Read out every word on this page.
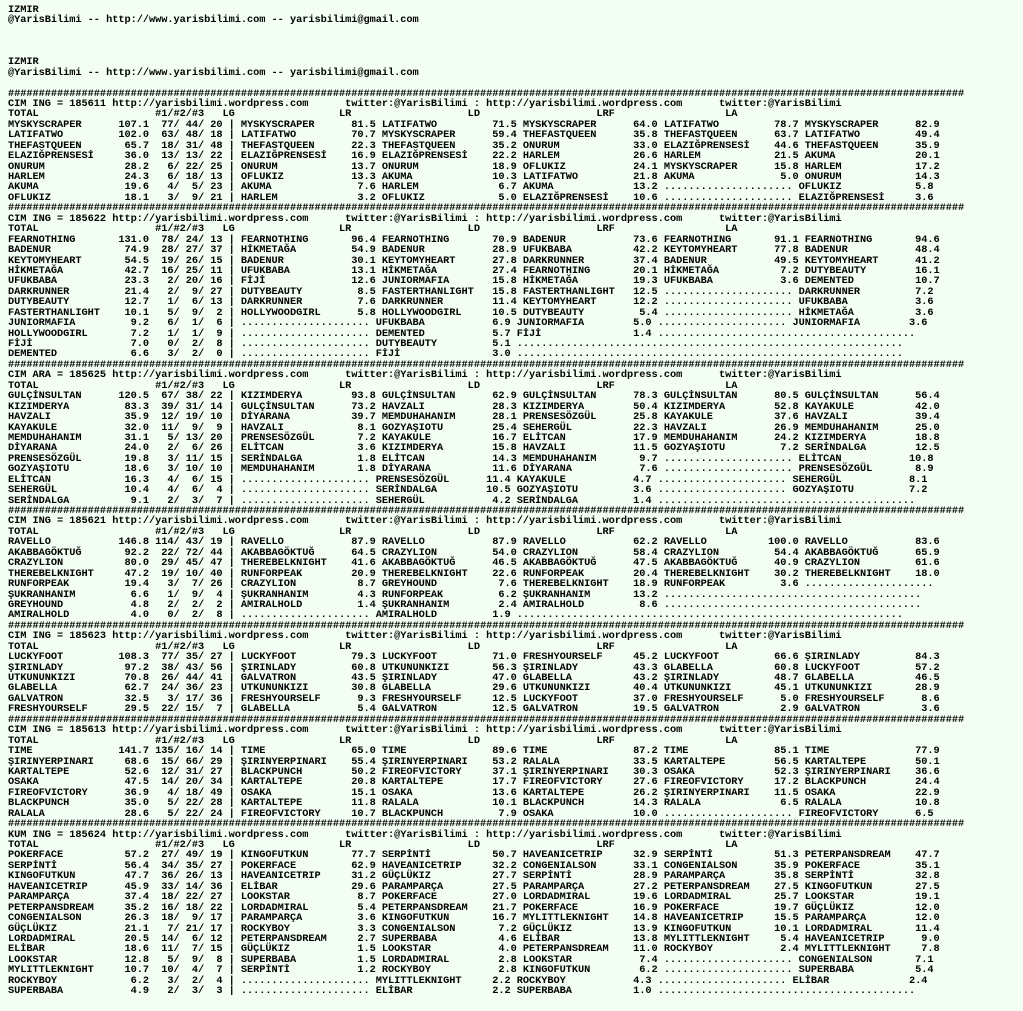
IZMIR
@YarisBilimi -- http://www.yarisbilimi.com -- yarisbilimi@gmail.com

IZMIR
@YarisBilimi -- http://www.yarisbilimi.com -- yarisbilimi@gmail.com

############################################################################################################################################################
CIM ING = 185611 http://yarisbilimi.wordpress.com      twitter:@YarisBilimi : http://yarisbilimi.wordpress.com      twitter:@YarisBilimi
TOTAL                   #1/#2/#3   LG                 LR                   LD                   LRF                  LA
MYSKYSCRAPER      107.1  77/ 44/ 20 | MYSKYSCRAPER      81.5 LATIFATWO         71.5 MYSKYSCRAPER      64.0 LATIFATWO         78.7 MYSKYSCRAPER      82.9
LATIFATWO         102.0  63/ 48/ 18 | LATIFATWO         70.7 MYSKYSCRAPER      59.4 THEFASTQUEEN      35.8 THEFASTQUEEN      63.7 LATIFATWO         49.4
THEFASTQUEEN       65.7  18/ 31/ 48 | THEFASTQUEEN      22.3 THEFASTQUEEN      35.2 ONURUM            33.0 ELAZIĞPRENSESİ    44.6 THEFASTQUEEN      35.9
ELAZIĞPRENSESİ     36.0  13/ 13/ 22 | ELAZIĞPRENSESİ    16.9 ELAZIĞPRENSESİ    22.2 HARLEM            26.6 HARLEM            21.5 AKUMA             20.1
ONURUM             28.2   6/ 22/ 25 | ONURUM            13.7 ONURUM            18.9 OFLUKIZ           24.1 MYSKYSCRAPER      15.8 HARLEM            17.2
HARLEM             24.3   6/ 18/ 13 | OFLUKIZ           13.3 AKUMA             10.3 LATIFATWO         21.8 AKUMA              5.0 ONURUM            14.3
AKUMA              19.6   4/  5/ 23 | AKUMA              7.6 HARLEM             6.7 AKUMA             13.2 ..................... OFLUKIZ            5.8
OFLUKIZ            18.1   3/  9/ 21 | HARLEM             3.2 OFLUKIZ            5.0 ELAZIĞPRENSESİ    10.6 ..................... ELAZIĞPRENSESİ     3.6
############################################################################################################################################################
CIM ING = 185622 http://yarisbilimi.wordpress.com      twitter:@YarisBilimi : http://yarisbilimi.wordpress.com      twitter:@YarisBilimi
TOTAL                   #1/#2/#3   LG                 LR                   LD                   LRF                  LA
FEARNOTHING       131.0  78/ 24/ 13 | FEARNOTHING       96.4 FEARNOTHING       70.9 BADENUR           73.6 FEARNOTHING       91.1 FEARNOTHING       94.6
BADENUR            74.9  28/ 27/ 37 | HİKMETAĞA         54.9 BADENUR           28.9 UFUKBABA          42.2 KEYTOMYHEART      77.8 BADENUR           48.4
KEYTOMYHEART       54.5  19/ 26/ 15 | BADENUR           30.1 KEYTOMYHEART      27.8 DARKRUNNER        37.4 BADENUR           49.5 KEYTOMYHEART      41.2
HİKMETAĞA          42.7  16/ 25/ 11 | UFUKBABA          13.1 HİKMETAĞA         27.4 FEARNOTHING       20.1 HİKMETAĞA          7.2 DUTYBEAUTY        16.1
UFUKBABA           23.3   2/ 20/ 16 | FİJİ              12.6 JUNIORMAFIA       15.8 HİKMETAĞA         19.3 UFUKBABA           3.6 DEMENTED          10.7
DARKRUNNER         21.4   2/  9/ 27 | DUTYBEAUTY         8.5 FASTERTHANLIGHT   15.8 FASTERTHANLIGHT   12.5 ..................... DARKRUNNER         7.2
DUTYBEAUTY         12.7   1/  6/ 13 | DARKRUNNER         7.6 DARKRUNNER        11.4 KEYTOMYHEART      12.2 ..................... UFUKBABA           3.6
FASTERTHANLIGHT    10.1   5/  9/  2 | HOLLYWOODGIRL      5.8 HOLLYWOODGIRL     10.5 DUTYBEAUTY         5.4 ..................... HİKMETAĞA          3.6
JUNIORMAFIA         9.2   6/  1/  6 | ..................... UFUKBABA           6.9 JUNIORMAFIA        5.0 ..................... JUNIORMAFIA        3.6
HOLLYWOODGIRL       7.2   1/  1/  9 | ..................... DEMENTED           5.7 FİJİ               1.4 ..........................................
FİJİ                7.0   0/  2/  8 | ..................... DUTYBEAUTY         5.1 ...............................................................
DEMENTED            6.6   3/  2/  0 | ..................... FİJİ               3.0 ...............................................................
############################################################################################################################################################
CIM ARA = 185625 http://yarisbilimi.wordpress.com      twitter:@YarisBilimi : http://yarisbilimi.wordpress.com      twitter:@YarisBilimi
TOTAL                   #1/#2/#3   LG                 LR                   LD                   LRF                  LA
GULÇİNSULTAN      120.5  67/ 38/ 22 | KIZIMDERYA        93.8 GULÇİNSULTAN      62.9 GULÇİNSULTAN      78.3 GULÇİNSULTAN      80.5 GULÇİNSULTAN      56.4
KIZIMDERYA         83.3  39/ 31/ 14 | GULÇİNSULTAN      73.2 HAVZALI           28.3 KIZIMDERYA        50.4 KIZIMDERYA        52.8 KAYAKULE          42.0
HAVZALI            35.9  12/ 19/ 10 | DİYARANA          39.7 MEMDUHAHANIM      28.1 PRENSESÖZGÜL      25.8 KAYAKULE          37.6 HAVZALI           39.4
KAYAKULE           32.0  11/  9/  9 | HAVZALI            8.1 GOZYAŞIOTU        25.4 SEHERGÜL          22.3 HAVZALI           26.9 MEMDUHAHANIM      25.0
MEMDUHAHANIM       31.1   5/ 13/ 20 | PRENSESÖZGÜL       7.2 KAYAKULE          16.7 ELİTCAN           17.9 MEMDUHAHANIM      24.2 KIZIMDERYA        18.8
DİYARANA           24.0   2/  6/ 26 | ELİTCAN            3.6 KIZIMDERYA        15.8 HAVZALI           11.5 GOZYAŞIOTU         7.2 SERİNDALGA        12.5
PRENSESÖZGÜL       19.8   3/ 11/ 15 | SERİNDALGA         1.8 ELİTCAN           14.3 MEMDUHAHANIM       9.7 ..................... ELİTCAN           10.8
GOZYAŞIOTU         18.6   3/ 10/ 10 | MEMDUHAHANIM       1.8 DİYARANA          11.6 DİYARANA           7.6 ..................... PRENSESÖZGÜL       8.9
ELİTCAN            16.3   4/  6/ 15 | ..................... PRENSESÖZGÜL      11.4 KAYAKULE           4.7 ..................... SEHERGÜL           8.1
SEHERGÜL           10.4   4/  6/  4 | ..................... SERİNDALGA        10.5 GOZYAŞIOTU         3.6 ..................... GOZYAŞIOTU         7.2
SERİNDALGA          9.1   2/  3/  7 | ..................... SEHERGÜL           4.2 SERİNDALGA         1.4 ..........................................
############################################################################################################################################################
CIM ING = 185621 http://yarisbilimi.wordpress.com      twitter:@YarisBilimi : http://yarisbilimi.wordpress.com      twitter:@YarisBilimi
TOTAL                   #1/#2/#3   LG                 LR                   LD                   LRF                  LA
RAVELLO           146.8 114/ 43/ 19 | RAVELLO           87.9 RAVELLO           87.9 RAVELLO           62.2 RAVELLO          100.0 RAVELLO           83.6
AKABBAGÖKTUĞ       92.2  22/ 72/ 44 | AKABBAGÖKTUĞ      64.5 CRAZYLION         54.0 CRAZYLION         58.4 CRAZYLION         54.4 AKABBAGÖKTUĞ      65.9
CRAZYLION          80.0  29/ 45/ 47 | THEREBELKNIGHT    41.6 AKABBAGÖKTUĞ      46.5 AKABBAGÖKTUĞ      47.5 AKABBAGÖKTUĞ      40.9 CRAZYLION         61.6
THEREBELKNIGHT     47.2  19/ 10/ 40 | RUNFORPEAK        20.9 THEREBELKNIGHT    22.6 RUNFORPEAK        20.4 THEREBELKNIGHT    30.2 THEREBELKNIGHT    18.0
RUNFORPEAK         19.4   3/  7/ 26 | CRAZYLION          8.7 GREYHOUND          7.6 THEREBELKNIGHT    18.9 RUNFORPEAK         3.6 .....................
ŞUKRANHANIM         6.6   1/  9/  4 | ŞUKRANHANIM        4.3 RUNFORPEAK         6.2 ŞUKRANHANIM       13.2 ..........................................
GREYHOUND           4.8   2/  2/  2 | AMIRALHOLD         1.4 ŞUKRANHANIM        2.4 AMIRALHOLD         8.6 ..........................................
AMIRALHOLD          4.0   0/  2/  8 | ..................... AMIRALHOLD         1.9 ...............................................................
############################################################################################################################################################
CIM ING = 185623 http://yarisbilimi.wordpress.com      twitter:@YarisBilimi : http://yarisbilimi.wordpress.com      twitter:@YarisBilimi
TOTAL                   #1/#2/#3   LG                 LR                   LD                   LRF                  LA
LUCKYFOOT         108.3  77/ 35/ 27 | LUCKYFOOT         79.3 LUCKYFOOT         71.0 FRESHYOURSELF     45.2 LUCKYFOOT         66.6 ŞIRINLADY         84.3
ŞIRINLADY          97.2  38/ 43/ 56 | ŞIRINLADY         60.8 UTKUNUNKIZI       56.3 ŞIRINLADY         43.3 GLABELLA          60.8 LUCKYFOOT         57.2
UTKUNUNKIZI        70.8  26/ 44/ 41 | GALVATRON         43.5 ŞIRINLADY         47.0 GLABELLA          43.2 ŞIRINLADY         48.7 GLABELLA          46.5
GLABELLA           62.7  24/ 36/ 23 | UTKUNUNKIZI       30.8 GLABELLA          29.6 UTKUNUNKIZI       40.4 UTKUNUNKIZI       45.1 UTKUNUNKIZI       28.9
GALVATRON          32.5   3/ 17/ 36 | FRESHYOURSELF      9.3 FRESHYOURSELF     12.5 LUCKYFOOT         37.0 FRESHYOURSELF      5.0 FRESHYOURSELF      8.6
FRESHYOURSELF      29.5  22/ 15/  7 | GLABELLA           5.4 GALVATRON         12.5 GALVATRON         19.5 GALVATRON          2.9 GALVATRON          3.6
############################################################################################################################################################
CIM ING = 185613 http://yarisbilimi.wordpress.com      twitter:@YarisBilimi : http://yarisbilimi.wordpress.com      twitter:@YarisBilimi
TOTAL                   #1/#2/#3   LG                 LR                   LD                   LRF                  LA
TIME              141.7 135/ 16/ 14 | TIME              65.0 TIME              89.6 TIME              87.2 TIME              85.1 TIME              77.9
ŞIRINYERPINARI     68.6  15/ 66/ 29 | ŞIRINYERPINARI    55.4 ŞIRINYERPINARI    53.2 RALALA            33.5 KARTALTEPE        56.5 KARTALTEPE        50.1
KARTALTEPE         52.6  12/ 31/ 27 | BLACKPUNCH        50.2 FIREOFVICTORY     37.1 ŞIRINYERPINARI    30.3 OSAKA             52.3 ŞIRINYERPINARI    36.6
OSAKA              47.5  14/ 20/ 34 | KARTALTEPE        20.8 KARTALTEPE        17.7 FIREOFVICTORY     27.6 FIREOFVICTORY     17.2 BLACKPUNCH        24.4
FIREOFVICTORY      36.9   4/ 18/ 49 | OSAKA             15.1 OSAKA             13.6 KARTALTEPE        26.2 ŞIRINYERPINARI    11.5 OSAKA             22.9
BLACKPUNCH         35.0   5/ 22/ 28 | KARTALTEPE        11.8 RALALA            10.1 BLACKPUNCH        14.3 RALALA             6.5 RALALA            10.8
RALALA             28.6   5/ 22/ 24 | FIREOFVICTORY     10.7 BLACKPUNCH         7.9 OSAKA             10.0 ..................... FIREOFVICTORY      6.5
############################################################################################################################################################
KUM ING = 185624 http://yarisbilimi.wordpress.com      twitter:@YarisBilimi : http://yarisbilimi.wordpress.com      twitter:@YarisBilimi
TOTAL                   #1/#2/#3   LG                 LR                   LD                   LRF                  LA
POKERFACE          57.2  27/ 49/ 19 | KINGOFUTKUN       77.7 SERPİNTİ          50.7 HAVEANICETRIP     32.9 SERPİNTİ          51.3 PETERPANSDREAM    47.7
SERPİNTİ           56.4  34/ 35/ 27 | POKERFACE         62.9 HAVEANICETRIP     32.2 CONGENIALSON      33.1 CONGENIALSON      35.9 POKERFACE         35.1
KINGOFUTKUN        47.7  36/ 26/ 13 | HAVEANICETRIP     31.2 GÜÇLÜKIZ          27.7 SERPİNTİ          28.9 PARAMPARÇA        35.8 SERPİNTİ          32.8
HAVEANICETRIP      45.9  33/ 14/ 36 | ELİBAR            29.6 PARAMPARÇA        27.5 PARAMPARÇA        27.2 PETERPANSDREAM    27.5 KINGOFUTKUN       27.5
PARAMPARÇA         37.4  18/ 22/ 27 | LOOKSTAR           8.7 POKERFACE         27.0 LORDADMIRAL       19.6 LORDADMIRAL       25.7 LOOKSTAR          19.1
PETERPANSDREAM     35.2  16/ 18/ 22 | LORDADMIRAL        5.4 PETERPANSDREAM    21.7 POKERFACE         16.9 POKERFACE         19.7 GÜÇLÜKIZ          12.0
CONGENIALSON       26.3  18/  9/ 17 | PARAMPARÇA         3.6 KINGOFUTKUN       16.7 MYLITTLEKNIGHT    14.8 HAVEANICETRIP     15.5 PARAMPARÇA        12.0
GÜÇLÜKIZ           21.1   7/ 21/ 17 | ROCKYBOY           3.3 CONGENIALSON       7.2 GÜÇLÜKIZ          13.9 KINGOFUTKUN       10.1 LORDADMIRAL       11.4
LORDADMIRAL        20.5  14/  6/ 12 | PETERPANSDREAM     2.7 SUPERBABA          4.6 ELİBAR            13.8 MYLITTLEKNIGHT     5.4 HAVEANICETRIP      9.0
ELİBAR             18.6  11/  7/ 15 | GÜÇLÜKIZ           1.5 LOOKSTAR           4.0 PETERPANSDREAM    11.0 ROCKYBOY           2.4 MYLITTLEKNIGHT     7.8
LOOKSTAR           12.8   5/  9/  8 | SUPERBABA          1.5 LORDADMIRAL        2.8 LOOKSTAR           7.4 ..................... CONGENIALSON       7.1
MYLITTLEKNIGHT     10.7  10/  4/  7 | SERPİNTİ           1.2 ROCKYBOY           2.8 KINGOFUTKUN        6.2 ..................... SUPERBABA          5.4
ROCKYBOY            6.2   3/  2/  4 | ..................... MYLITTLEKNIGHT     2.2 ROCKYBOY           4.3 ..................... ELİBAR             2.4
SUPERBABA           4.9   2/  3/  3 | ..................... ELİBAR             2.2 SUPERBABA          1.0 ..........................................
